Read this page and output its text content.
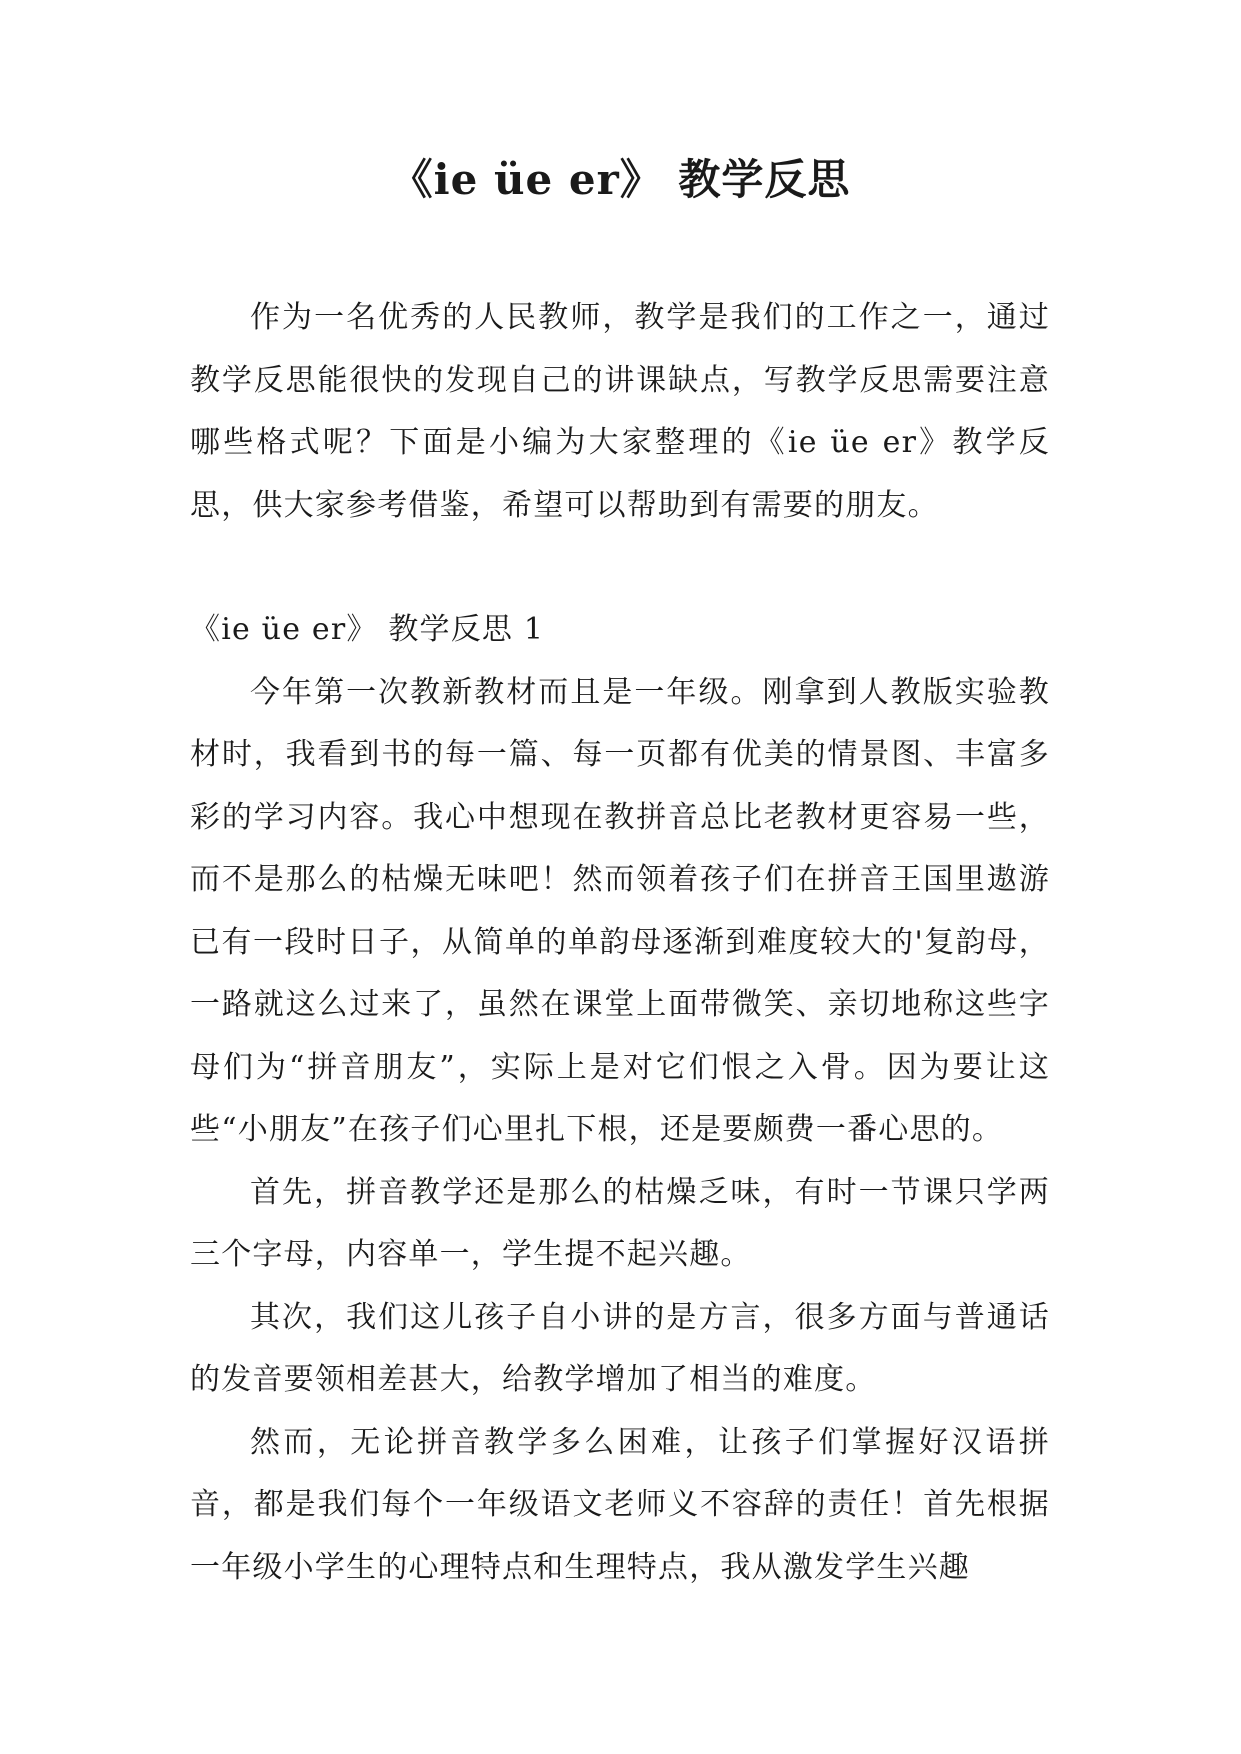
《ie üe er》 教学反思

作为一名优秀的人民教师，教学是我们的工作之一，通过教学反思能很快的发现自己的讲课缺点，写教学反思需要注意哪些格式呢？下面是小编为大家整理的《ie üe er》教学反思，供大家参考借鉴，希望可以帮助到有需要的朋友。

《ie üe er》 教学反思 1

今年第一次教新教材而且是一年级。刚拿到人教版实验教材时，我看到书的每一篇、每一页都有优美的情景图、丰富多彩的学习内容。我心中想现在教拼音总比老教材更容易一些，而不是那么的枯燥无味吧！然而领着孩子们在拼音王国里遨游已有一段时日子，从简单的单韵母逐渐到难度较大的'复韵母，一路就这么过来了，虽然在课堂上面带微笑、亲切地称这些字母们为“拼音朋友”，实际上是对它们恨之入骨。因为要让这些“小朋友”在孩子们心里扎下根，还是要颇费一番心思的。

首先，拼音教学还是那么的枯燥乏味，有时一节课只学两三个字母，内容单一，学生提不起兴趣。

其次，我们这儿孩子自小讲的是方言，很多方面与普通话的发音要领相差甚大，给教学增加了相当的难度。

然而，无论拼音教学多么困难，让孩子们掌握好汉语拼音，都是我们每个一年级语文老师义不容辞的责任！首先根据一年级小学生的心理特点和生理特点，我从激发学生兴趣
